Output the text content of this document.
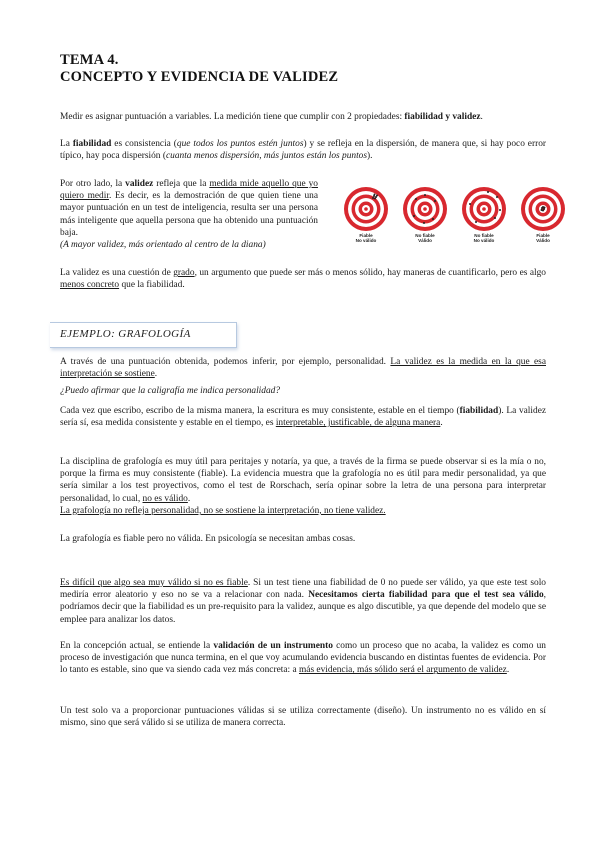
TEMA 4.
CONCEPTO Y EVIDENCIA DE VALIDEZ
Medir es asignar puntuación a variables. La medición tiene que cumplir con 2 propiedades: fiabilidad y validez.
La fiabilidad es consistencia (que todos los puntos estén juntos) y se refleja en la dispersión, de manera que, si hay poco error típico, hay poca dispersión (cuanta menos dispersión, más juntos están los puntos).
Por otro lado, la validez refleja que la medida mide aquello que yo quiero medir. Es decir, es la demostración de que quien tiene una mayor puntuación en un test de inteligencia, resulta ser una persona más inteligente que aquella persona que ha obtenido una puntuación baja.
(A mayor validez, más orientado al centro de la diana)
Fiable
No válido
No fiable
Válido
No fiable
No válido
Fiable
Válido
La validez es una cuestión de grado, un argumento que puede ser más o menos sólido, hay maneras de cuantificarlo, pero es algo menos concreto que la fiabilidad.
EJEMPLO: GRAFOLOGÍA
A través de una puntuación obtenida, podemos inferir, por ejemplo, personalidad. La validez es la medida en la que esa interpretación se sostiene.
¿Puedo afirmar que la caligrafía me indica personalidad?
Cada vez que escribo, escribo de la misma manera, la escritura es muy consistente, estable en el tiempo (fiabilidad). La validez sería sí, esa medida consistente y estable en el tiempo, es interpretable, justificable, de alguna manera.
La disciplina de grafología es muy útil para peritajes y notaría, ya que, a través de la firma se puede observar si es la mía o no, porque la firma es muy consistente (fiable). La evidencia muestra que la grafología no es útil para medir personalidad, ya que sería similar a los test proyectivos, como el test de Rorschach, sería opinar sobre la letra de una persona para interpretar personalidad, lo cual, no es válido.
La grafología no refleja personalidad, no se sostiene la interpretación, no tiene validez.
La grafología es fiable pero no válida. En psicología se necesitan ambas cosas.
Es difícil que algo sea muy válido si no es fiable. Si un test tiene una fiabilidad de 0 no puede ser válido, ya que este test solo mediría error aleatorio y eso no se va a relacionar con nada. Necesitamos cierta fiabilidad para que el test sea válido, podríamos decir que la fiabilidad es un pre-requisito para la validez, aunque es algo discutible, ya que depende del modelo que se emplee para analizar los datos.
En la concepción actual, se entiende la validación de un instrumento como un proceso que no acaba, la validez es como un proceso de investigación que nunca termina, en el que voy acumulando evidencia buscando en distintas fuentes de evidencia. Por lo tanto es estable, sino que va siendo cada vez más concreta: a más evidencia, más sólido será el argumento de validez.
Un test solo va a proporcionar puntuaciones válidas si se utiliza correctamente (diseño). Un instrumento no es válido en sí mismo, sino que será válido si se utiliza de manera correcta.
